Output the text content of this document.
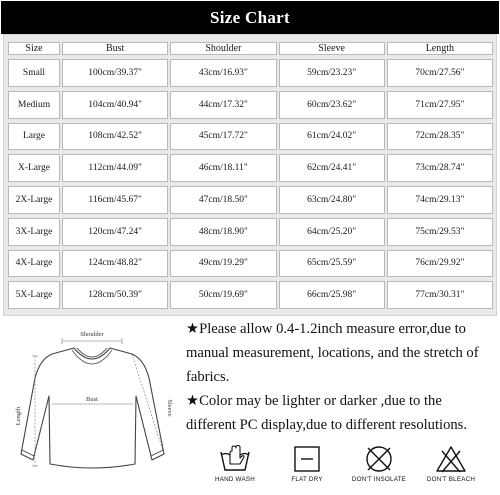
Size Chart
Size	Bust	Shoulder	Sleeve	Length
Small	100cm/39.37"	43cm/16.93"	59cm/23.23"	70cm/27.56"
Medium	104cm/40.94"	44cm/17.32"	60cm/23.62"	71cm/27.95"
Large	108cm/42.52"	45cm/17.72"	61cm/24.02"	72cm/28.35"
X-Large	112cm/44.09"	46cm/18.11"	62cm/24.41"	73cm/28.74"
2X-Large	116cm/45.67"	47cm/18.50"	63cm/24.80"	74cm/29.13"
3X-Large	120cm/47.24"	48cm/18.90"	64cm/25.20"	75cm/29.53"
4X-Large	124cm/48.82"	49cm/19.29"	65cm/25.59"	76cm/29.92"
5X-Large	128cm/50.39"	50cm/19.69"	66cm/25.98"	77cm/30.31"
Shoulder
Bust
Length	Sleeve
★Please allow 0.4-1.2inch measure error,due to
manual measurement, locations, and the stretch of
fabrics.
★Color may be lighter or darker ,due to the
different PC display,due to different resolutions.
HAND WASH	FLAT DRY	DON'T INSOLATE	DON'T BLEACH
